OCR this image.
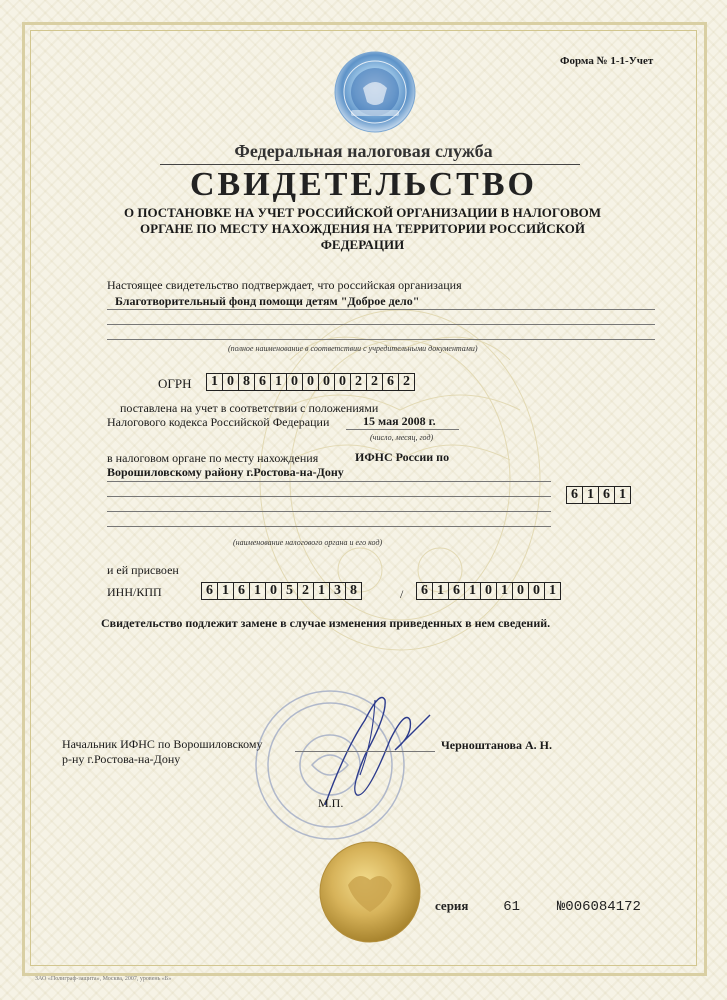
Форма № 1-1-Учет
Федеральная налоговая служба
СВИДЕТЕЛЬСТВО
О ПОСТАНОВКЕ НА УЧЕТ РОССИЙСКОЙ ОРГАНИЗАЦИИ В НАЛОГОВОМ ОРГАНЕ ПО МЕСТУ НАХОЖДЕНИЯ НА ТЕРРИТОРИИ РОССИЙСКОЙ ФЕДЕРАЦИИ
Настоящее свидетельство подтверждает, что российская организация
Благотворительный фонд помощи детям "Доброе дело"
(полное наименование в соответствии с учредительными документами)
ОГРН	1 0 8 6 1 0 0 0 0 2 2 6 2
поставлена на учет в соответствии с положениями
Налогового кодекса Российской Федерации	15 мая 2008 г.
(число, месяц, год)
в налоговом органе по месту нахождения	ИФНС России по
Ворошиловскому району г.Ростова-на-Дону
6 1 6 1
(наименование налогового органа и его код)
и ей присвоен
ИНН/КПП	6 1 6 1 0 5 2 1 3 8	/	6 1 6 1 0 1 0 0 1
Свидетельство подлежит замене в случае изменения приведенных в нем сведений.
Начальник ИФНС по Ворошиловскому
р-ну г.Ростова-на-Дону
Черноштанова А. Н.
М.П.
серия 61	№006084172
ЗАО «Полиграф-защита», Москва, 2007, уровень «Б»
